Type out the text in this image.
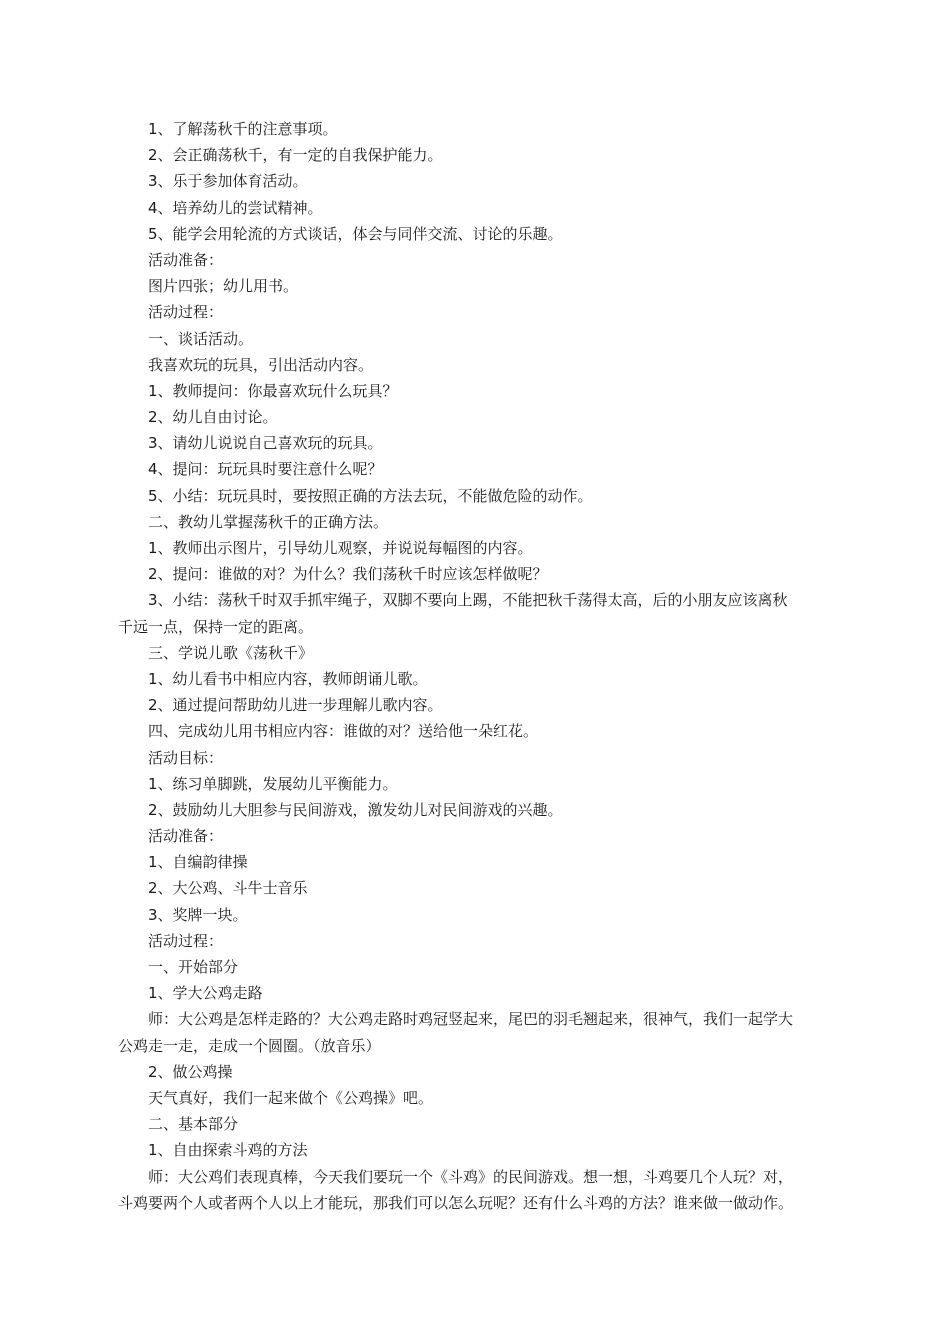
1、了解荡秋千的注意事项。
2、会正确荡秋千，有一定的自我保护能力。
3、乐于参加体育活动。
4、培养幼儿的尝试精神。
5、能学会用轮流的方式谈话，体会与同伴交流、讨论的乐趣。
活动准备：
图片四张；幼儿用书。
活动过程：
一、谈话活动。
我喜欢玩的玩具，引出活动内容。
1、教师提问：你最喜欢玩什么玩具？
2、幼儿自由讨论。
3、请幼儿说说自己喜欢玩的玩具。
4、提问：玩玩具时要注意什么呢？
5、小结：玩玩具时，要按照正确的方法去玩，不能做危险的动作。
二、教幼儿掌握荡秋千的正确方法。
1、教师出示图片，引导幼儿观察，并说说每幅图的内容。
2、提问：谁做的对？为什么？我们荡秋千时应该怎样做呢？
3、小结：荡秋千时双手抓牢绳子，双脚不要向上踢，不能把秋千荡得太高，后的小朋友应该离秋
千远一点，保持一定的距离。
三、学说儿歌《荡秋千》
1、幼儿看书中相应内容，教师朗诵儿歌。
2、通过提问帮助幼儿进一步理解儿歌内容。
四、完成幼儿用书相应内容：谁做的对？送给他一朵红花。
活动目标：
1、练习单脚跳，发展幼儿平衡能力。
2、鼓励幼儿大胆参与民间游戏，激发幼儿对民间游戏的兴趣。
活动准备：
1、自编韵律操
2、大公鸡、斗牛士音乐
3、奖牌一块。
活动过程：
一、开始部分
1、学大公鸡走路
师：大公鸡是怎样走路的？大公鸡走路时鸡冠竖起来，尾巴的羽毛翘起来，很神气，我们一起学大
公鸡走一走，走成一个圆圈。（放音乐）
2、做公鸡操
天气真好，我们一起来做个《公鸡操》吧。
二、基本部分
1、自由探索斗鸡的方法
师：大公鸡们表现真棒，今天我们要玩一个《斗鸡》的民间游戏。想一想，斗鸡要几个人玩？对，
斗鸡要两个人或者两个人以上才能玩，那我们可以怎么玩呢？还有什么斗鸡的方法？谁来做一做动作。
